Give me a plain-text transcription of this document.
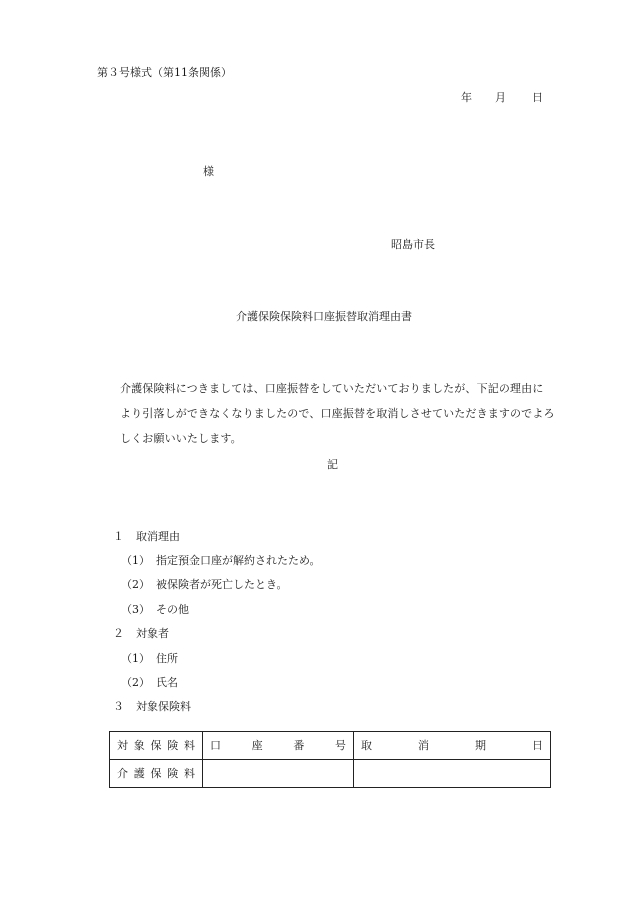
第３号様式（第11条関係）
年 月 日
様
昭島市長
介護保険保険料口座振替取消理由書
介護保険料につきましては、口座振替をしていただいておりましたが、下記の理由に
より引落しができなくなりましたので、口座振替を取消しさせていただきますのでよろ
しくお願いいたします。
記
１ 取消理由
（1） 指定預金口座が解約されたため。
（2） 被保険者が死亡したとき。
（3） その他
２ 対象者
（1） 住所
（2） 氏名
３ 対象保険料
対 象 保 険 料	口 座 番 号	取 消 期 日

介 護 保 険 料		
